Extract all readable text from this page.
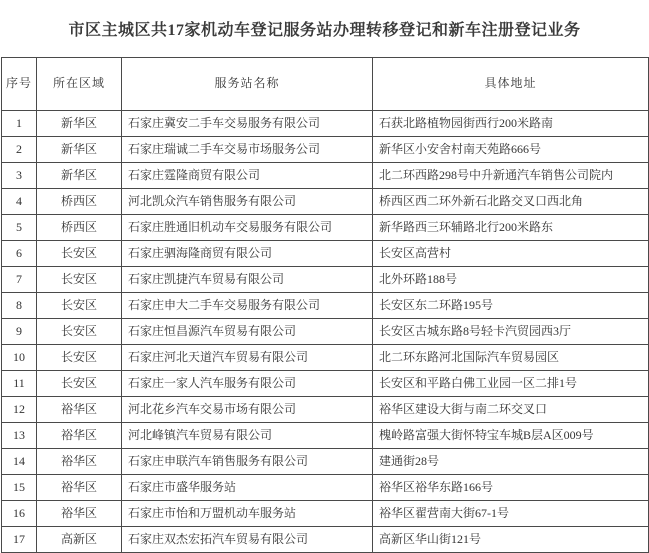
市区主城区共17家机动车登记服务站办理转移登记和新车注册登记业务
序号	所在区域	服务站名称	具体地址
1	新华区	石家庄冀安二手车交易服务有限公司	石获北路植物园街西行200米路南
2	新华区	石家庄瑞诚二手车交易市场服务公司	新华区小安舍村南天苑路666号
3	新华区	石家庄霆隆商贸有限公司	北二环西路298号中升新通汽车销售公司院内
4	桥西区	河北凯众汽车销售服务有限公司	桥西区西二环外新石北路交叉口西北角
5	桥西区	石家庄胜通旧机动车交易服务有限公司	新华路西三环辅路北行200米路东
6	长安区	石家庄驷海隆商贸有限公司	长安区高营村
7	长安区	石家庄凯捷汽车贸易有限公司	北外环路188号
8	长安区	石家庄申大二手车交易服务有限公司	长安区东二环路195号
9	长安区	石家庄恒昌源汽车贸易有限公司	长安区古城东路8号轻卡汽贸园西3厅
10	长安区	石家庄河北天道汽车贸易有限公司	北二环东路河北国际汽车贸易园区
11	长安区	石家庄一家人汽车服务有限公司	长安区和平路白佛工业园一区二排1号
12	裕华区	河北花乡汽车交易市场有限公司	裕华区建设大街与南二环交叉口
13	裕华区	河北峰镇汽车贸易有限公司	槐岭路富强大街怀特宝车城B层A区009号
14	裕华区	石家庄申联汽车销售服务有限公司	建通街28号
15	裕华区	石家庄市盛华服务站	裕华区裕华东路166号
16	裕华区	石家庄市怡和万盟机动车服务站	裕华区翟营南大街67-1号
17	高新区	石家庄双杰宏拓汽车贸易有限公司	高新区华山街121号
